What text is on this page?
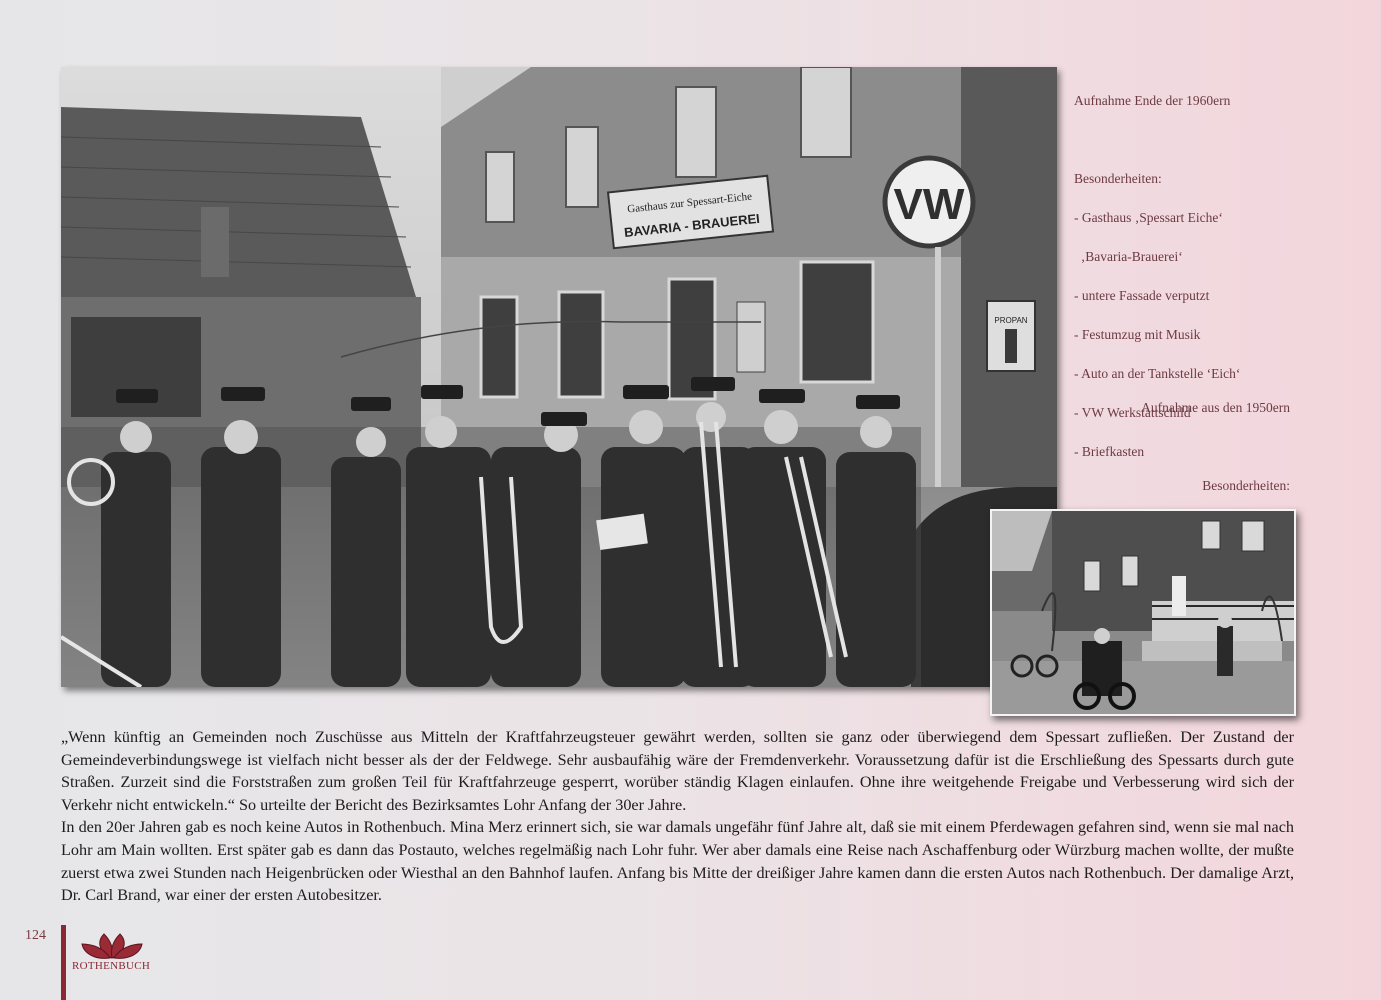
Gasthaus zur Spessart-Eiche
BAVARIA - BRAUEREI	VW
PROPAN

Aufnahme Ende der 1960ern

Besonderheiten:

- Gasthaus ‚Spessart Eiche‘

‚Bavaria-Brauerei‘

- untere Fassade verputzt

- Festumzug mit Musik

- Auto an der Tankstelle ‘Eich‘

- VW Werkstattschild

- Briefkasten

Aufnahme aus den 1950ern

Besonderheiten:

„Wenn künftig an Gemeinden noch Zuschüsse aus Mitteln der Kraftfahrzeugsteuer gewährt werden, sollten sie ganz oder überwiegend dem Spessart zufließen. Der Zustand der Gemeindeverbindungswege ist vielfach nicht besser als der der Feldwege. Sehr ausbaufähig wäre der Fremdenverkehr. Voraussetzung dafür ist die Erschließung des Spessarts durch gute Straßen. Zurzeit sind die Forststraßen zum großen Teil für Kraftfahrzeuge gesperrt, worüber ständig Klagen einlaufen. Ohne ihre weitgehende Freigabe und Verbesserung wird sich der Verkehr nicht entwickeln.“ So urteilte der Bericht des Bezirksamtes Lohr Anfang der 30er Jahre.

In den 20er Jahren gab es noch keine Autos in Rothenbuch. Mina Merz erinnert sich, sie war damals ungefähr fünf Jahre alt, daß sie mit einem Pferdewagen gefahren sind, wenn sie mal nach Lohr am Main wollten. Erst später gab es dann das Postauto, welches regelmäßig nach Lohr fuhr. Wer aber damals eine Reise nach Aschaffenburg oder Würzburg machen wollte, der mußte zuerst etwa zwei Stunden nach Heigenbrücken oder Wiesthal an den Bahnhof laufen. Anfang bis Mitte der dreißiger Jahre kamen dann die ersten Autos nach Rothenbuch. Der damalige Arzt, Dr. Carl Brand, war einer der ersten Autobesitzer.

124
ROTHENBUCH
